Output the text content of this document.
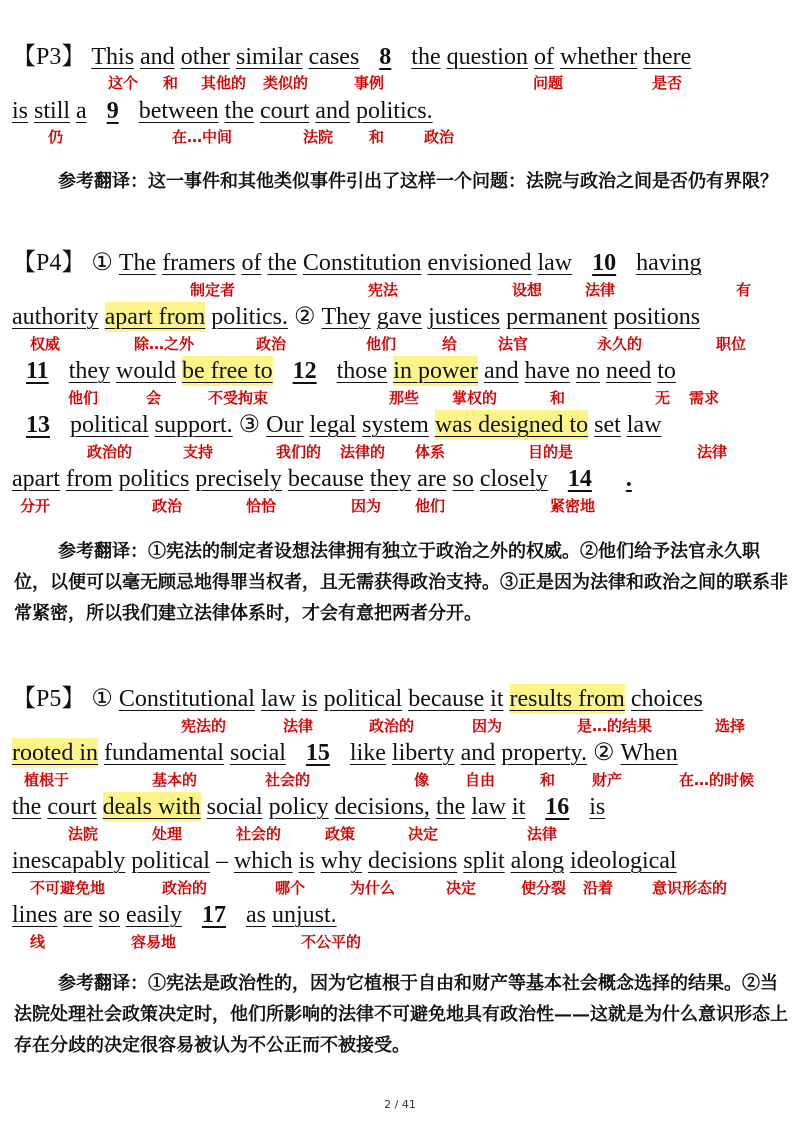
【P3】 This and other similar cases 8 the question of whether there
这个 和 其他的 类似的	事例	问题	是否
is still a 9 between the court and politics.
仍	在…中间	法院 和	政治
参考翻译：这一事件和其他类似事件引出了这样一个问题：法院与政治之间是否仍有界限？
【P4】 ① The framers of the Constitution envisioned law 10 having
制定者	宪法	设想	法律	有
authority apart from politics. ② They gave justices permanent positions
权威	除…之外	政治	他们	给	法官	永久的	职位
11 they would be free to 12 those in power and have no need to
他们	会	不受拘束	那些 掌权的	和	无 需求
13 political support. ③ Our legal system was designed to set law
政治的	支持	我们的 法律的 体系	目的是	法律
apart from politics precisely because they are so closely 14 .
分开	政治	恰恰	因为 他们	紧密地
参考翻译：①宪法的制定者设想法律拥有独立于政治之外的权威。②他们给予法官永久职位，以便可以毫无顾忌地得罪当权者，且无需获得政治支持。③正是因为法律和政治之间的联系非常紧密，所以我们建立法律体系时，才会有意把两者分开。
【P5】 ① Constitutional law is political because it results from choices
宪法的	法律	政治的	因为	是…的结果	选择
rooted in fundamental social 15 like liberty and property. ② When
植根于	基本的	社会的	像 自由	和 财产	在…的时候
the court deals with social policy decisions, the law it 16 is
法院	处理	社会的	政策	决定	法律
inescapably political – which is why decisions split along ideological
不可避免地	政治的	哪个	为什么	决定	使分裂 沿着	意识形态的
lines are so easily 17 as unjust.
线	容易地	不公平的
参考翻译：①宪法是政治性的，因为它植根于自由和财产等基本社会概念选择的结果。②当法院处理社会政策决定时，他们所影响的法律不可避免地具有政治性——这就是为什么意识形态上存在分歧的决定很容易被认为不公正而不被接受。
2 / 41
